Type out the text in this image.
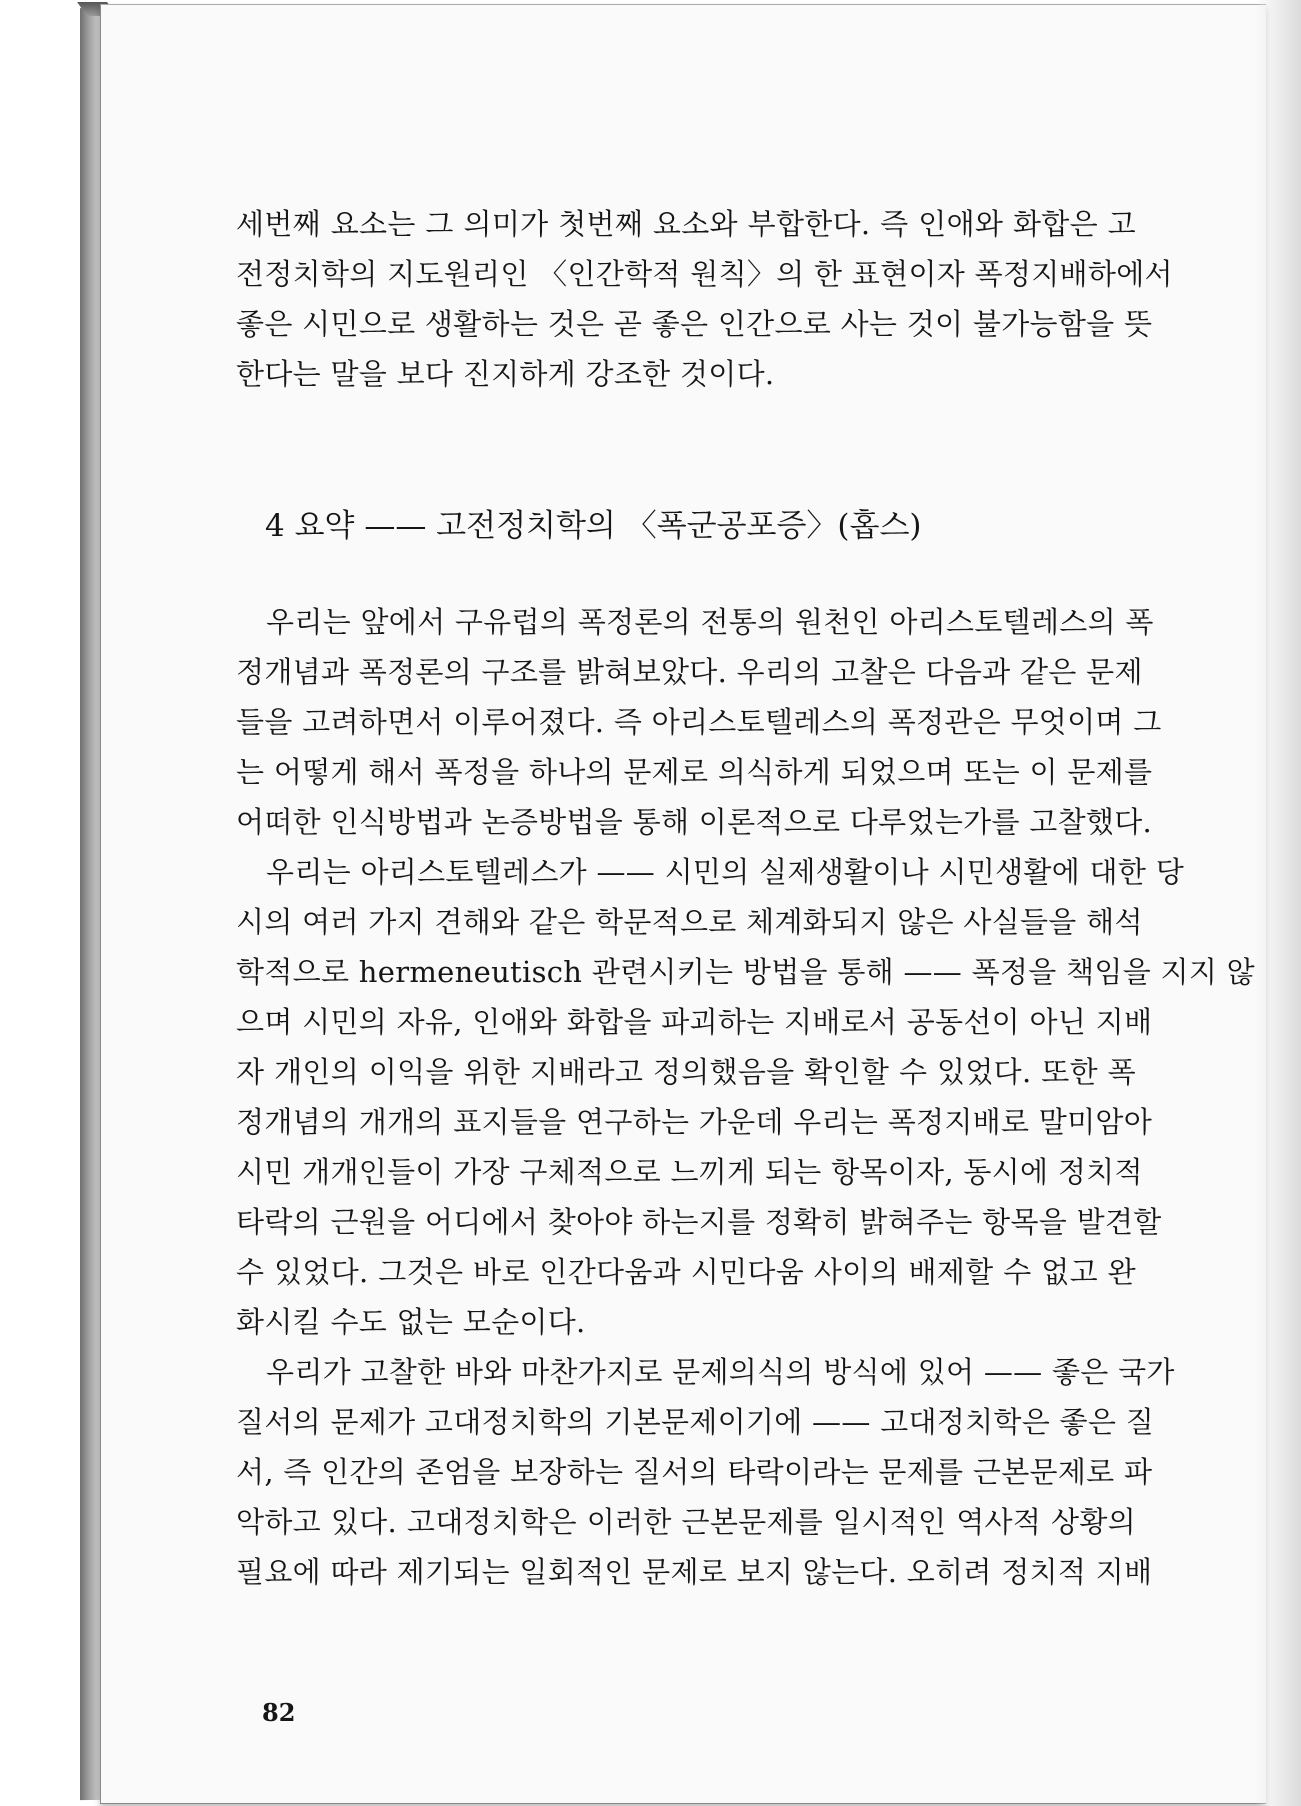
세번째 요소는 그 의미가 첫번째 요소와 부합한다. 즉 인애와 화합은 고
전정치학의 지도원리인 〈인간학적 원칙〉의 한 표현이자 폭정지배하에서
좋은 시민으로 생활하는 것은 곧 좋은 인간으로 사는 것이 불가능함을 뜻
한다는 말을 보다 진지하게 강조한 것이다.
4 요약 —— 고전정치학의 〈폭군공포증〉(홉스)
우리는 앞에서 구유럽의 폭정론의 전통의 원천인 아리스토텔레스의 폭
정개념과 폭정론의 구조를 밝혀보았다. 우리의 고찰은 다음과 같은 문제
들을 고려하면서 이루어졌다. 즉 아리스토텔레스의 폭정관은 무엇이며 그
는 어떻게 해서 폭정을 하나의 문제로 의식하게 되었으며 또는 이 문제를
어떠한 인식방법과 논증방법을 통해 이론적으로 다루었는가를 고찰했다.
우리는 아리스토텔레스가 —— 시민의 실제생활이나 시민생활에 대한 당
시의 여러 가지 견해와 같은 학문적으로 체계화되지 않은 사실들을 해석
학적으로 hermeneutisch 관련시키는 방법을 통해 —— 폭정을 책임을 지지 않
으며 시민의 자유, 인애와 화합을 파괴하는 지배로서 공동선이 아닌 지배
자 개인의 이익을 위한 지배라고 정의했음을 확인할 수 있었다. 또한 폭
정개념의 개개의 표지들을 연구하는 가운데 우리는 폭정지배로 말미암아
시민 개개인들이 가장 구체적으로 느끼게 되는 항목이자, 동시에 정치적
타락의 근원을 어디에서 찾아야 하는지를 정확히 밝혀주는 항목을 발견할
수 있었다. 그것은 바로 인간다움과 시민다움 사이의 배제할 수 없고 완
화시킬 수도 없는 모순이다.
우리가 고찰한 바와 마찬가지로 문제의식의 방식에 있어 —— 좋은 국가
질서의 문제가 고대정치학의 기본문제이기에 —— 고대정치학은 좋은 질
서, 즉 인간의 존엄을 보장하는 질서의 타락이라는 문제를 근본문제로 파
악하고 있다. 고대정치학은 이러한 근본문제를 일시적인 역사적 상황의
필요에 따라 제기되는 일회적인 문제로 보지 않는다. 오히려 정치적 지배
82
